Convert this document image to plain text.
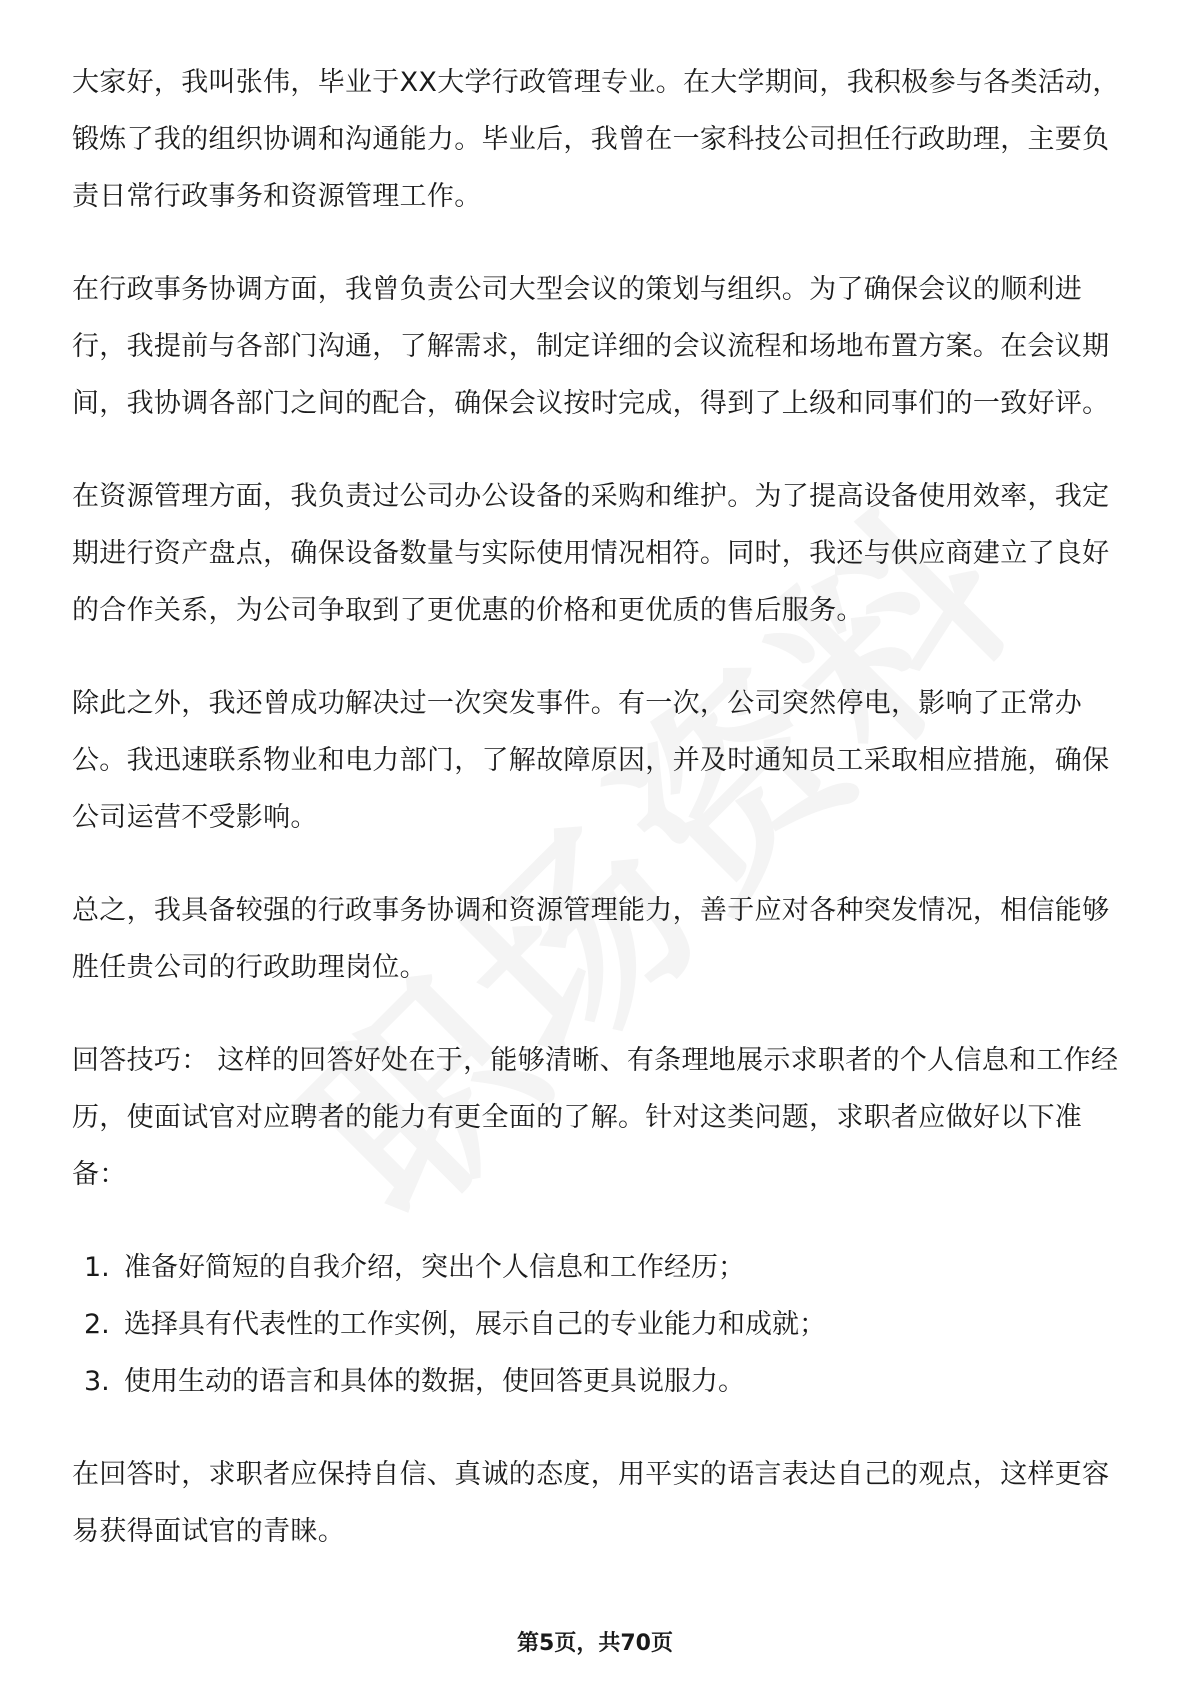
大家好，我叫张伟，毕业于XX大学行政管理专业。在大学期间，我积极参与各类活动，锻炼了我的组织协调和沟通能力。毕业后，我曾在一家科技公司担任行政助理，主要负责日常行政事务和资源管理工作。

在行政事务协调方面，我曾负责公司大型会议的策划与组织。为了确保会议的顺利进行，我提前与各部门沟通，了解需求，制定详细的会议流程和场地布置方案。在会议期间，我协调各部门之间的配合，确保会议按时完成，得到了上级和同事们的一致好评。

在资源管理方面，我负责过公司办公设备的采购和维护。为了提高设备使用效率，我定期进行资产盘点，确保设备数量与实际使用情况相符。同时，我还与供应商建立了良好的合作关系，为公司争取到了更优惠的价格和更优质的售后服务。

除此之外，我还曾成功解决过一次突发事件。有一次，公司突然停电，影响了正常办公。我迅速联系物业和电力部门，了解故障原因，并及时通知员工采取相应措施，确保公司运营不受影响。

总之，我具备较强的行政事务协调和资源管理能力，善于应对各种突发情况，相信能够胜任贵公司的行政助理岗位。

回答技巧： 这样的回答好处在于，能够清晰、有条理地展示求职者的个人信息和工作经历，使面试官对应聘者的能力有更全面的了解。针对这类问题，求职者应做好以下准备：

1. 准备好简短的自我介绍，突出个人信息和工作经历；
2. 选择具有代表性的工作实例，展示自己的专业能力和成就；
3. 使用生动的语言和具体的数据，使回答更具说服力。

在回答时，求职者应保持自信、真诚的态度，用平实的语言表达自己的观点，这样更容易获得面试官的青睐。

第5页，共70页
